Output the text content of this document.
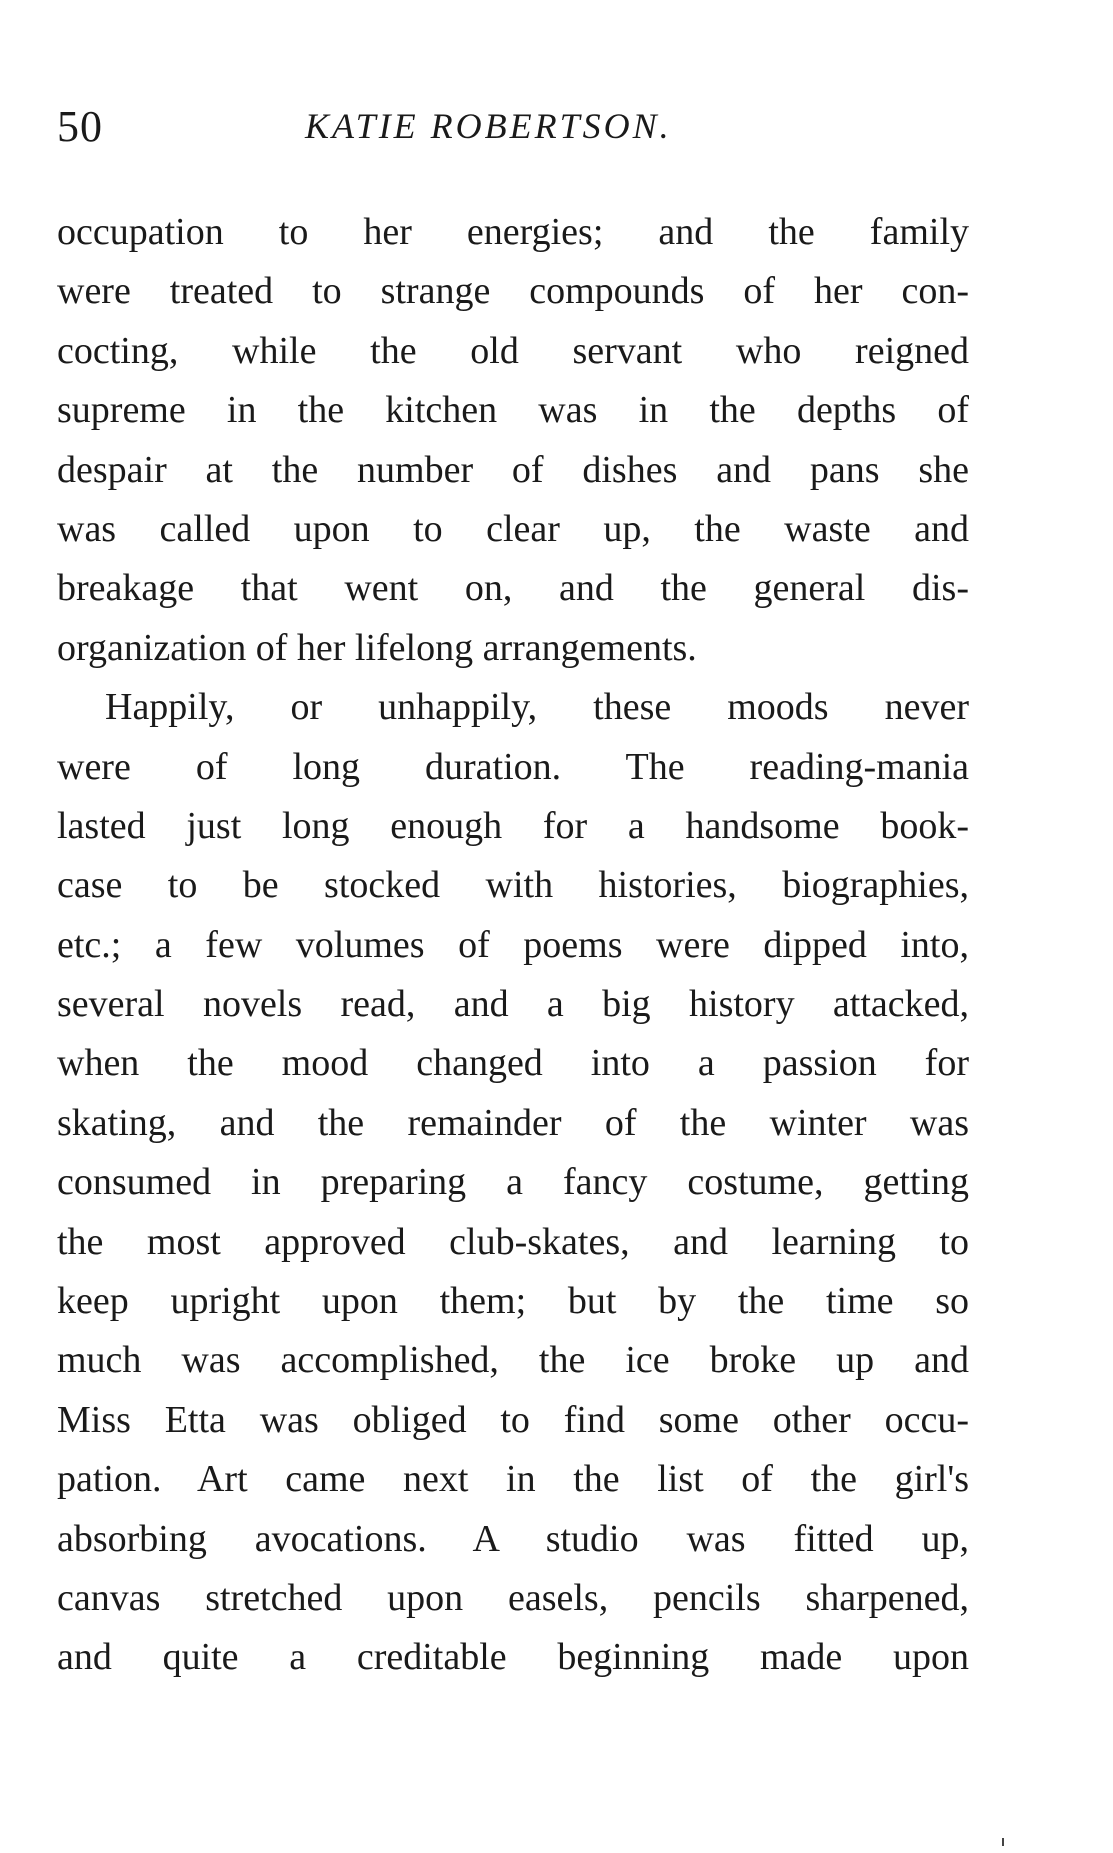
50	KATIE ROBERTSON.
occupation to her energies; and the family
were treated to strange compounds of her con-
cocting, while the old servant who reigned
supreme in the kitchen was in the depths of
despair at the number of dishes and pans she
was called upon to clear up, the waste and
breakage that went on, and the general dis-
organization of her lifelong arrangements.
Happily, or unhappily, these moods never
were of long duration. The reading-mania
lasted just long enough for a handsome book-
case to be stocked with histories, biographies,
etc.; a few volumes of poems were dipped into,
several novels read, and a big history attacked,
when the mood changed into a passion for
skating, and the remainder of the winter was
consumed in preparing a fancy costume, getting
the most approved club-skates, and learning to
keep upright upon them; but by the time so
much was accomplished, the ice broke up and
Miss Etta was obliged to find some other occu-
pation. Art came next in the list of the girl's
absorbing avocations. A studio was fitted up,
canvas stretched upon easels, pencils sharpened,
and quite a creditable beginning made upon
